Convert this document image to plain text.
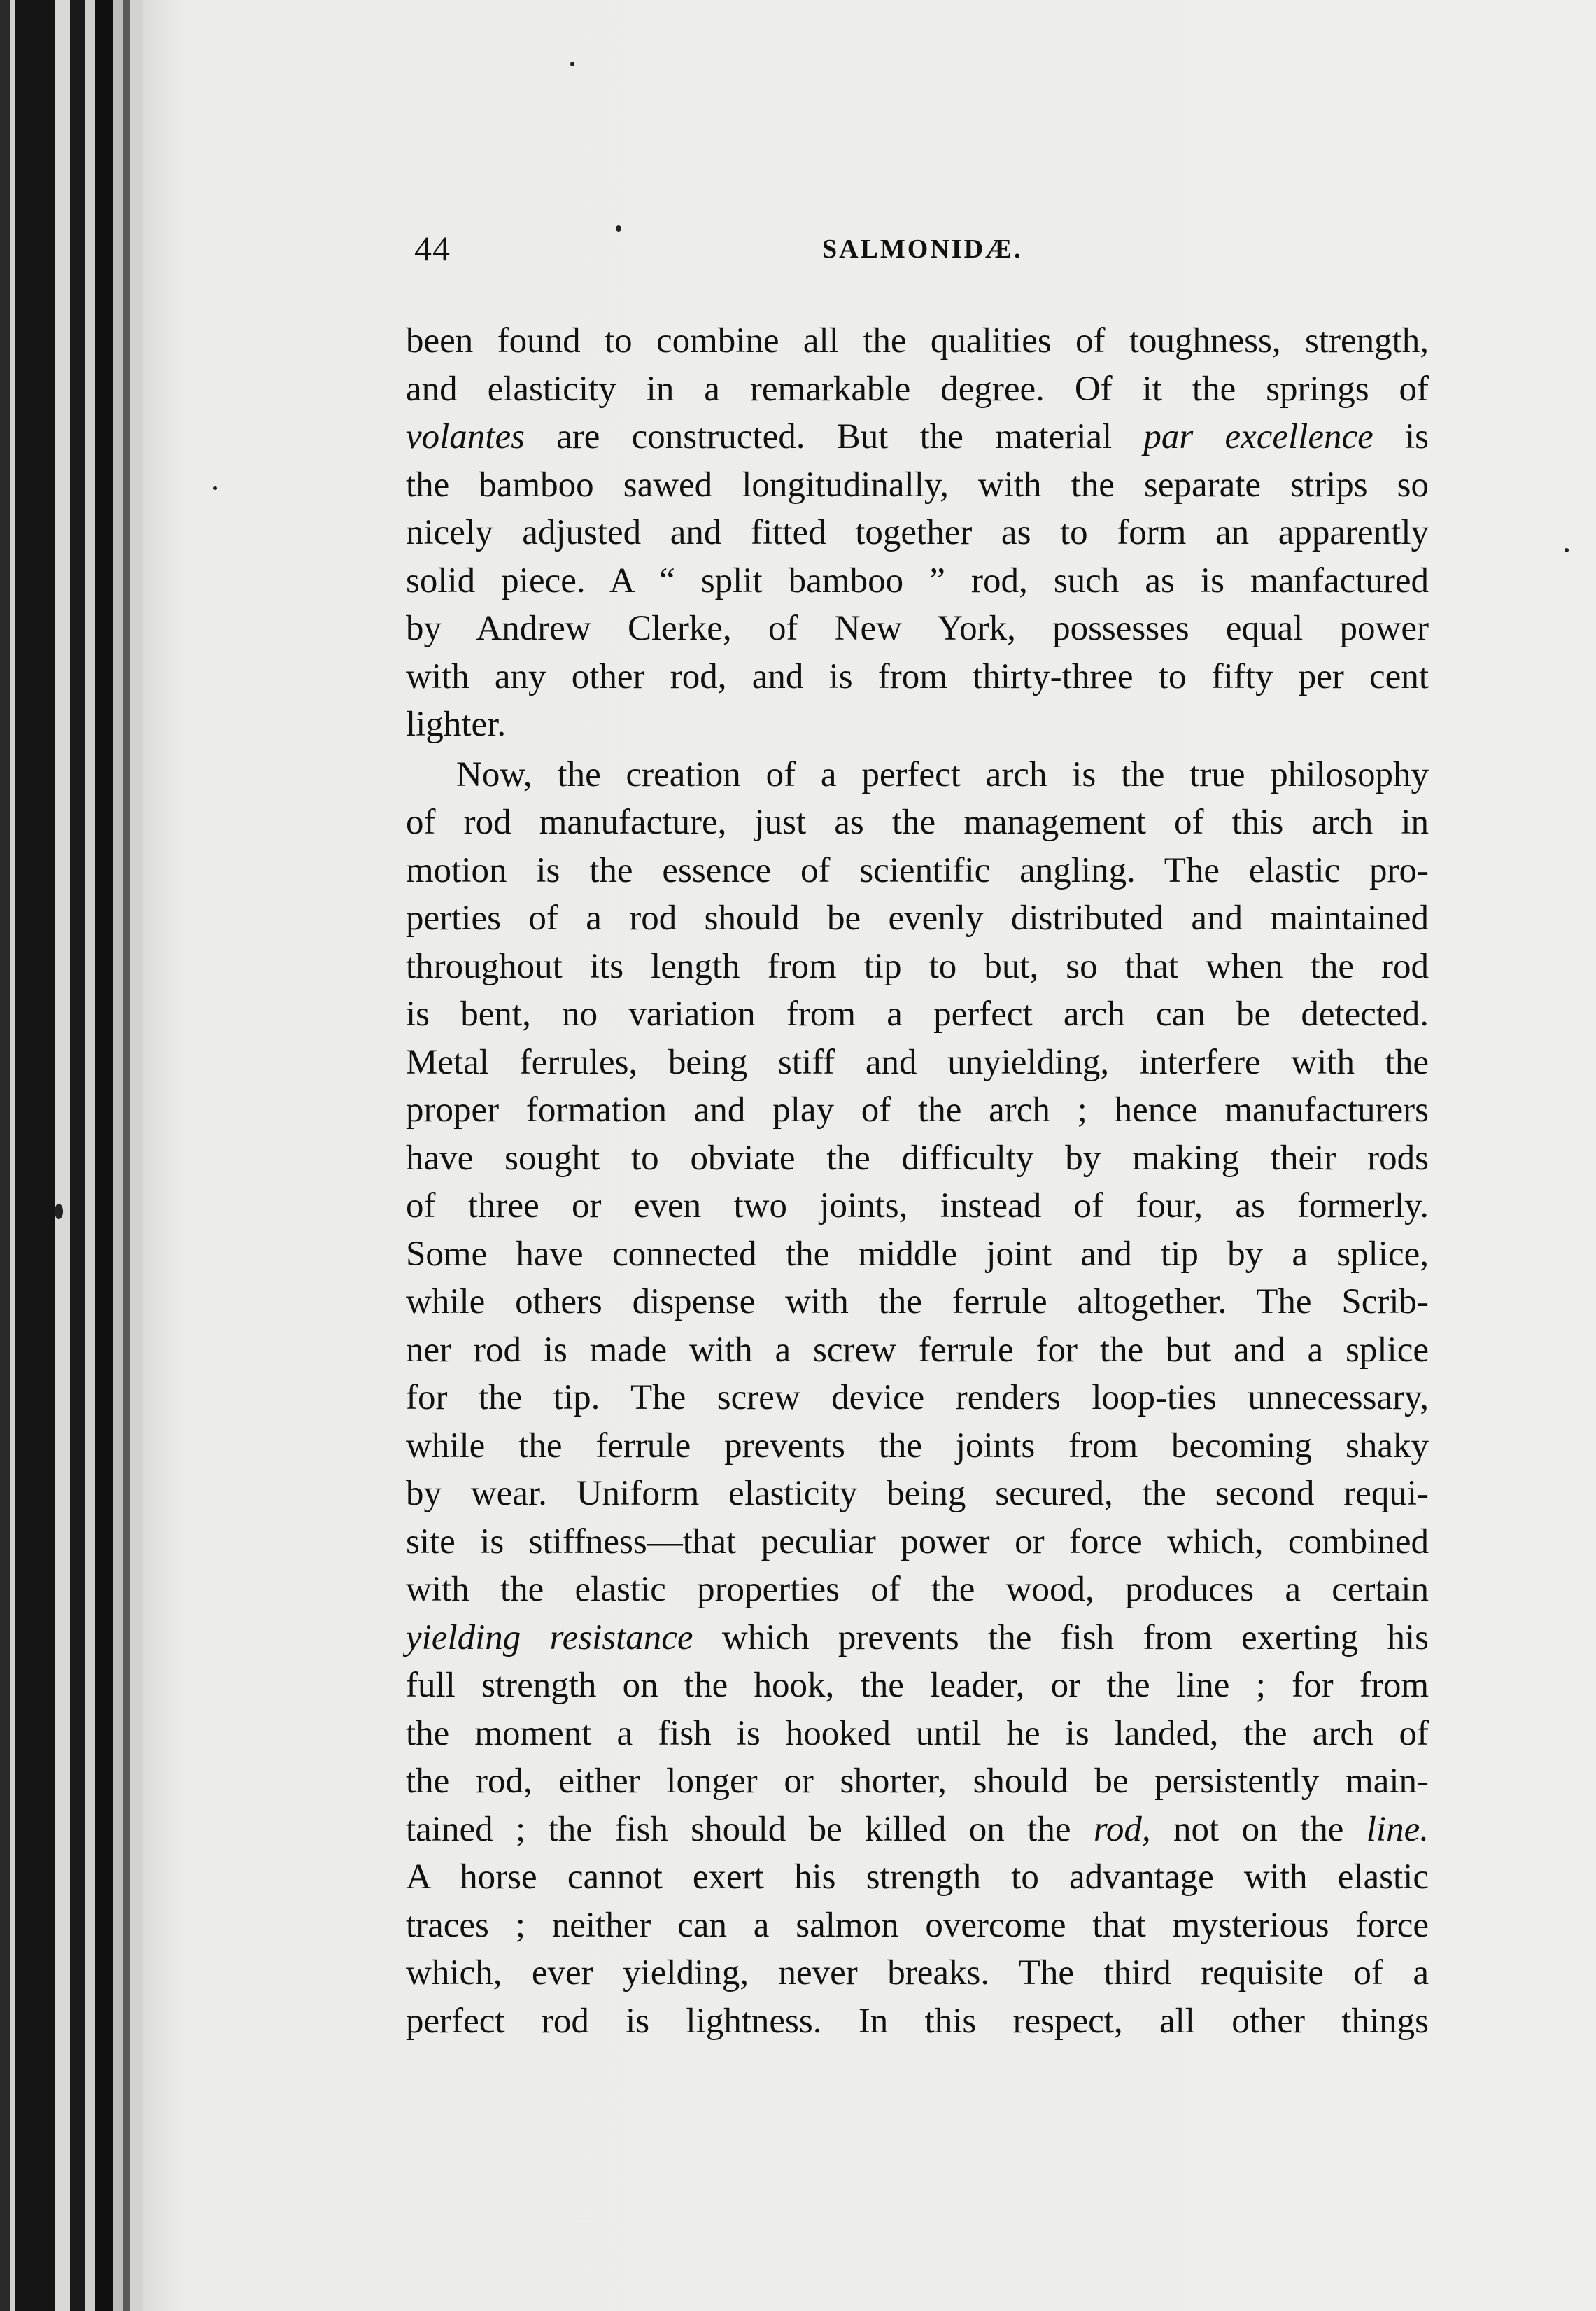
44	SALMONIDÆ.
been found to combine all the qualities of toughness, strength,
and elasticity in a remarkable degree. Of it the springs of
volantes are constructed. But the material par excellence is
the bamboo sawed longitudinally, with the separate strips so
nicely adjusted and fitted together as to form an apparently
solid piece. A “ split bamboo ” rod, such as is manfactured
by Andrew Clerke, of New York, possesses equal power
with any other rod, and is from thirty-three to fifty per cent
lighter.
Now, the creation of a perfect arch is the true philosophy
of rod manufacture, just as the management of this arch in
motion is the essence of scientific angling. The elastic pro-
perties of a rod should be evenly distributed and maintained
throughout its length from tip to but, so that when the rod
is bent, no variation from a perfect arch can be detected.
Metal ferrules, being stiff and unyielding, interfere with the
proper formation and play of the arch ; hence manufacturers
have sought to obviate the difficulty by making their rods
of three or even two joints, instead of four, as formerly.
Some have connected the middle joint and tip by a splice,
while others dispense with the ferrule altogether. The Scrib-
ner rod is made with a screw ferrule for the but and a splice
for the tip. The screw device renders loop-ties unnecessary,
while the ferrule prevents the joints from becoming shaky
by wear. Uniform elasticity being secured, the second requi-
site is stiffness—that peculiar power or force which, combined
with the elastic properties of the wood, produces a certain
yielding resistance which prevents the fish from exerting his
full strength on the hook, the leader, or the line ; for from
the moment a fish is hooked until he is landed, the arch of
the rod, either longer or shorter, should be persistently main-
tained ; the fish should be killed on the rod, not on the line.
A horse cannot exert his strength to advantage with elastic
traces ; neither can a salmon overcome that mysterious force
which, ever yielding, never breaks. The third requisite of a
perfect rod is lightness. In this respect, all other things
